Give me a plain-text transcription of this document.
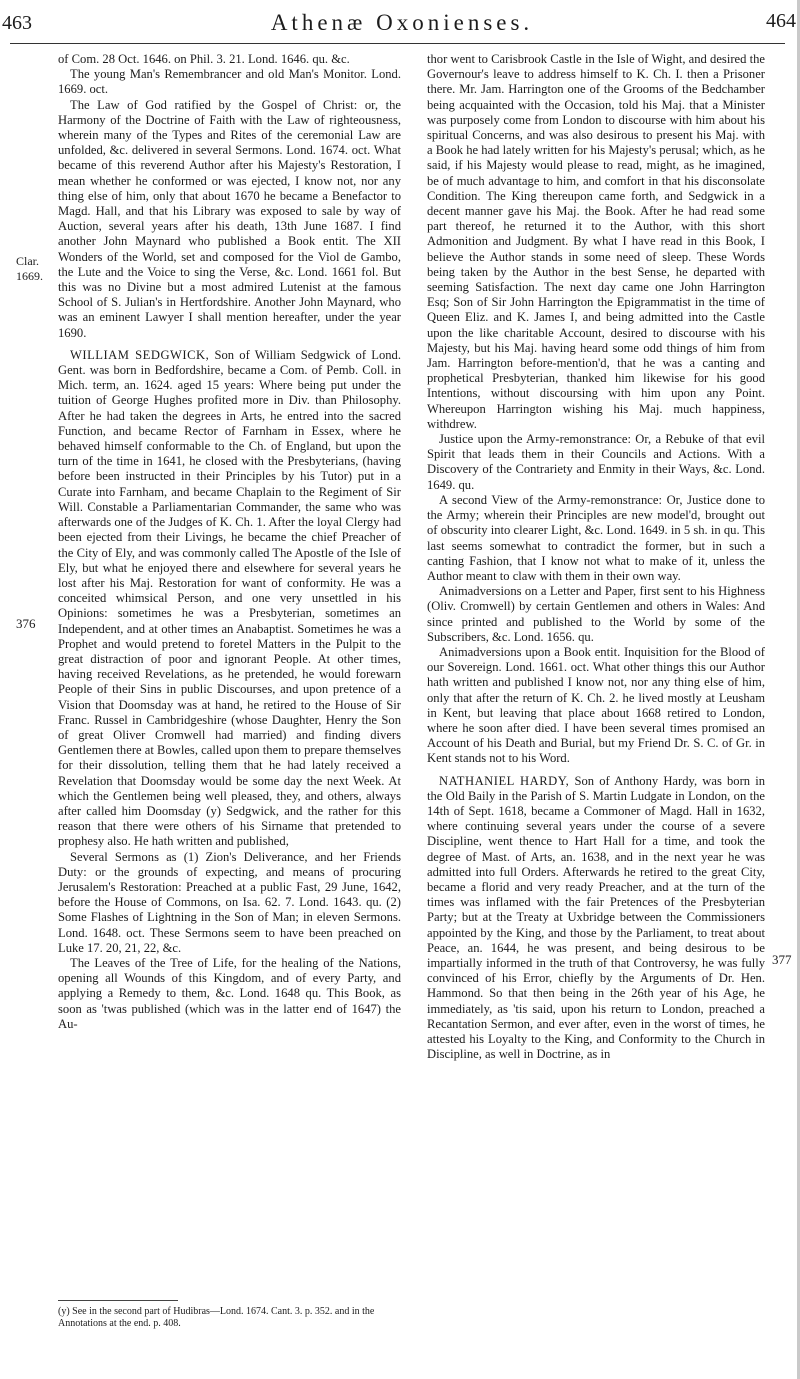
463	Athenæ Oxonienses.	464
Clar.
1669.
376
377

of Com. 28 Oct. 1646. on Phil. 3. 21. Lond. 1646. qu. &c.

The young Man's Remembrancer and old Man's Monitor. Lond. 1669. oct.

The Law of God ratified by the Gospel of Christ: or, the Harmony of the Doctrine of Faith with the Law of righteousness, wherein many of the Types and Rites of the ceremonial Law are unfolded, &c. delivered in several Sermons. Lond. 1674. oct. What became of this reverend Author after his Majesty's Restoration, I mean whether he conformed or was ejected, I know not, nor any thing else of him, only that about 1670 he became a Benefactor to Magd. Hall, and that his Library was exposed to sale by way of Auction, several years after his death, 13th June 1687. I find another John Maynard who published a Book entit. The XII Wonders of the World, set and composed for the Viol de Gambo, the Lute and the Voice to sing the Verse, &c. Lond. 1661 fol. But this was no Divine but a most admired Lutenist at the famous School of S. Julian's in Hertfordshire. Another John Maynard, who was an eminent Lawyer I shall mention hereafter, under the year 1690.

WILLIAM SEDGWICK, Son of William Sedgwick of Lond. Gent. was born in Bedfordshire, became a Com. of Pemb. Coll. in Mich. term, an. 1624. aged 15 years: Where being put under the tuition of George Hughes profited more in Div. than Philosophy. After he had taken the degrees in Arts, he entred into the sacred Function, and became Rector of Farnham in Essex, where he behaved himself conformable to the Ch. of England, but upon the turn of the time in 1641, he closed with the Presbyterians, (having before been instructed in their Principles by his Tutor) put in a Curate into Farnham, and became Chaplain to the Regiment of Sir Will. Constable a Parliamentarian Commander, the same who was afterwards one of the Judges of K. Ch. 1. After the loyal Clergy had been ejected from their Livings, he became the chief Preacher of the City of Ely, and was commonly called The Apostle of the Isle of Ely, but what he enjoyed there and elsewhere for several years he lost after his Maj. Restoration for want of conformity. He was a conceited whimsical Person, and one very unsettled in his Opinions: sometimes he was a Presbyterian, sometimes an Independent, and at other times an Anabaptist. Sometimes he was a Prophet and would pretend to foretel Matters in the Pulpit to the great distraction of poor and ignorant People. At other times, having received Revelations, as he pretended, he would forewarn People of their Sins in public Discourses, and upon pretence of a Vision that Doomsday was at hand, he retired to the House of Sir Franc. Russel in Cambridgeshire (whose Daughter, Henry the Son of great Oliver Cromwell had married) and finding divers Gentlemen there at Bowles, called upon them to prepare themselves for their dissolution, telling them that he had lately received a Revelation that Doomsday would be some day the next Week. At which the Gentlemen being well pleased, they, and others, always after called him Doomsday (y) Sedgwick, and the rather for this reason that there were others of his Sirname that pretended to prophesy also. He hath written and published,

Several Sermons as (1) Zion's Deliverance, and her Friends Duty: or the grounds of expecting, and means of procuring Jerusalem's Restoration: Preached at a public Fast, 29 June, 1642, before the House of Commons, on Isa. 62. 7. Lond. 1643. qu. (2) Some Flashes of Lightning in the Son of Man; in eleven Sermons. Lond. 1648. oct. These Sermons seem to have been preached on Luke 17. 20, 21, 22, &c.

The Leaves of the Tree of Life, for the healing of the Nations, opening all Wounds of this Kingdom, and of every Party, and applying a Remedy to them, &c. Lond. 1648 qu. This Book, as soon as 'twas published (which was in the latter end of 1647) the Au-

(y) See in the second part of Hudibras—Lond. 1674. Cant. 3. p. 352. and in the Annotations at the end. p. 408.

thor went to Carisbrook Castle in the Isle of Wight, and desired the Governour's leave to address himself to K. Ch. I. then a Prisoner there. Mr. Jam. Harrington one of the Grooms of the Bedchamber being acquainted with the Occasion, told his Maj. that a Minister was purposely come from London to discourse with him about his spiritual Concerns, and was also desirous to present his Maj. with a Book he had lately written for his Majesty's perusal; which, as he said, if his Majesty would please to read, might, as he imagined, be of much advantage to him, and comfort in that his disconsolate Condition. The King thereupon came forth, and Sedgwick in a decent manner gave his Maj. the Book. After he had read some part thereof, he returned it to the Author, with this short Admonition and Judgment. By what I have read in this Book, I believe the Author stands in some need of sleep. These Words being taken by the Author in the best Sense, he departed with seeming Satisfaction. The next day came one John Harrington Esq; Son of Sir John Harrington the Epigrammatist in the time of Queen Eliz. and K. James I, and being admitted into the Castle upon the like charitable Account, desired to discourse with his Majesty, but his Maj. having heard some odd things of him from Jam. Harrington before-mention'd, that he was a canting and prophetical Presbyterian, thanked him likewise for his good Intentions, without discoursing with him upon any Point. Whereupon Harrington wishing his Maj. much happiness, withdrew.

Justice upon the Army-remonstrance: Or, a Rebuke of that evil Spirit that leads them in their Councils and Actions. With a Discovery of the Contrariety and Enmity in their Ways, &c. Lond. 1649. qu.

A second View of the Army-remonstrance: Or, Justice done to the Army; wherein their Principles are new model'd, brought out of obscurity into clearer Light, &c. Lond. 1649. in 5 sh. in qu. This last seems somewhat to contradict the former, but in such a canting Fashion, that I know not what to make of it, unless the Author meant to claw with them in their own way.

Animadversions on a Letter and Paper, first sent to his Highness (Oliv. Cromwell) by certain Gentlemen and others in Wales: And since printed and published to the World by some of the Subscribers, &c. Lond. 1656. qu.

Animadversions upon a Book entit. Inquisition for the Blood of our Sovereign. Lond. 1661. oct. What other things this our Author hath written and published I know not, nor any thing else of him, only that after the return of K. Ch. 2. he lived mostly at Leusham in Kent, but leaving that place about 1668 retired to London, where he soon after died. I have been several times promised an Account of his Death and Burial, but my Friend Dr. S. C. of Gr. in Kent stands not to his Word.

NATHANIEL HARDY, Son of Anthony Hardy, was born in the Old Baily in the Parish of S. Martin Ludgate in London, on the 14th of Sept. 1618, became a Commoner of Magd. Hall in 1632, where continuing several years under the course of a severe Discipline, went thence to Hart Hall for a time, and took the degree of Mast. of Arts, an. 1638, and in the next year he was admitted into full Orders. Afterwards he retired to the great City, became a florid and very ready Preacher, and at the turn of the times was inflamed with the fair Pretences of the Presbyterian Party; but at the Treaty at Uxbridge between the Commissioners appointed by the King, and those by the Parliament, to treat about Peace, an. 1644, he was present, and being desirous to be impartially informed in the truth of that Controversy, he was fully convinced of his Error, chiefly by the Arguments of Dr. Hen. Hammond. So that then being in the 26th year of his Age, he immediately, as 'tis said, upon his return to London, preached a Recantation Sermon, and ever after, even in the worst of times, he attested his Loyalty to the King, and Conformity to the Church in Discipline, as well in Doctrine, as in
